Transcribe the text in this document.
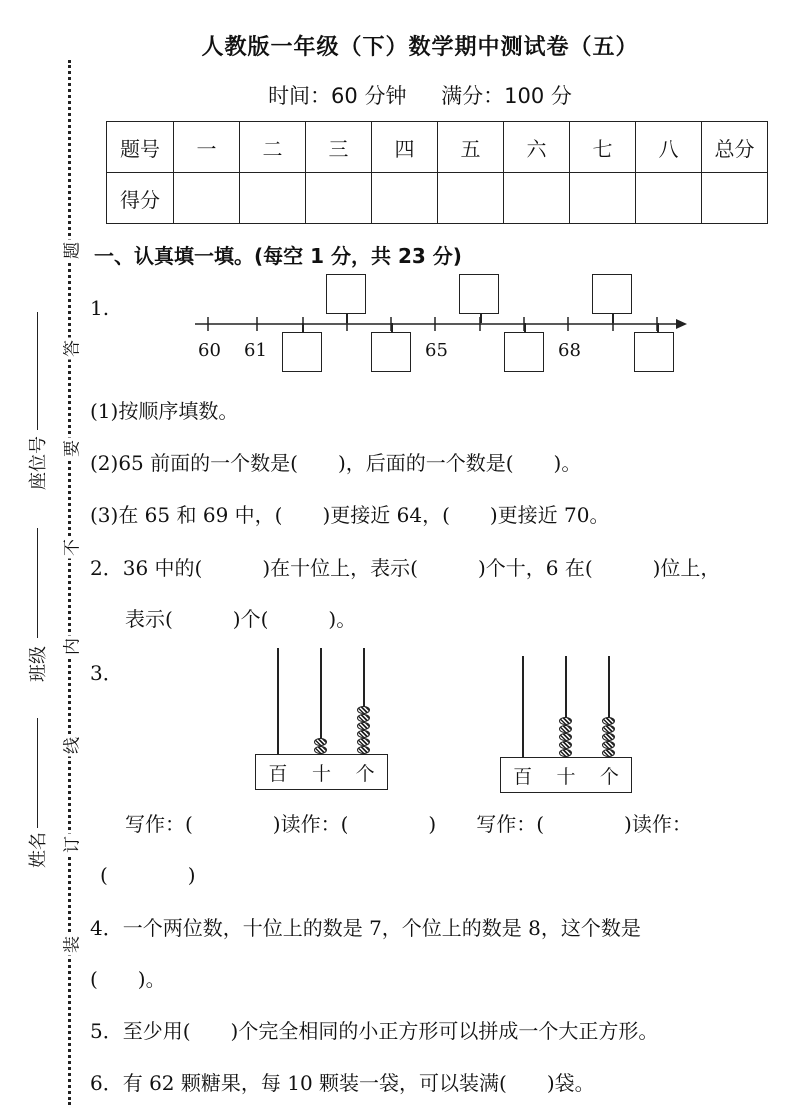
人教版一年级（下）数学期中测试卷（五）
时间：60 分钟 满分：100 分
题号	一	二	三	四	五	六	七	八	总分
得分									
题
答
要
不
内
线
订
装
座位号
班级
姓名
一、认真填一填。(每空 1 分，共 23 分)
1.
60 61	65	68
(1)按顺序填数。
(2)65 前面的一个数是(　　)，后面的一个数是(　　)。
(3)在 65 和 69 中，(　　)更接近 64，(　　)更接近 70。
2．36 中的(　　　)在十位上，表示(　　　)个十，6 在(　　　)位上，
表示(　　　)个(　　　)。
3．
百 十 个	百 十 个
写作：(　　　　)读作：(　　　　)　　写作：(　　　　)读作：
(　　　　)
4．一个两位数，十位上的数是 7，个位上的数是 8，这个数是
(　　)。
5．至少用(　　)个完全相同的小正方形可以拼成一个大正方形。
6．有 62 颗糖果，每 10 颗装一袋，可以装满(　　)袋。
